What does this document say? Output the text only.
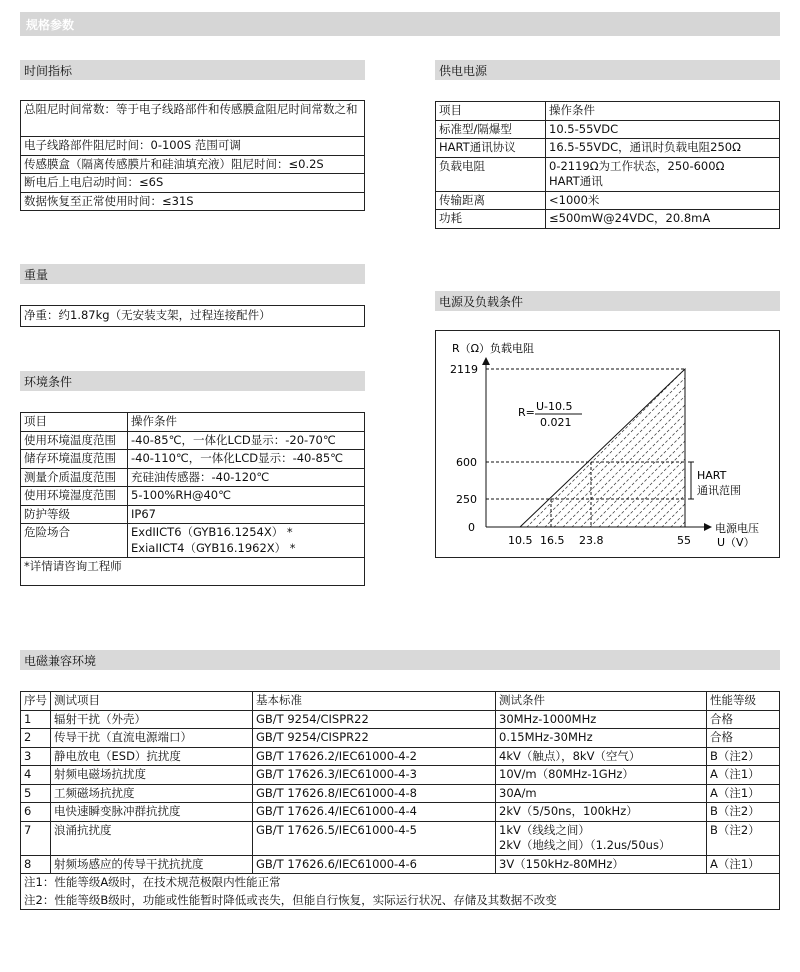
规格参数
时间指标
总阻尼时间常数：等于电子线路部件和传感膜盒阻尼时间常数之和
电子线路部件阻尼时间：0-100S 范围可调
传感膜盒（隔离传感膜片和硅油填充液）阻尼时间：≤0.2S
断电后上电启动时间：≤6S
数据恢复至正常使用时间：≤31S
重量
净重：约1.87kg（无安装支架，过程连接配件）
环境条件
项目	操作条件
使用环境温度范围	-40-85℃，一体化LCD显示：-20-70℃
储存环境温度范围	-40-110℃，一体化LCD显示：-40-85℃
测量介质温度范围	充硅油传感器：-40-120℃
使用环境湿度范围	5-100%RH@40℃
防护等级	IP67
危险场合	ExdIICT6（GYB16.1254X） *
ExiaIICT4（GYB16.1962X） *

*详情请咨询工程师	
供电电源
项目	操作条件
标准型/隔爆型	10.5-55VDC
HART通讯协议	16.5-55VDC，通讯时负载电阻250Ω
负载电阻	0-2119Ω为工作状态，250-600Ω
HART通讯

传输距离	<1000米
功耗	≤500mW@24VDC，20.8mA
电源及负载条件
R（Ω）负载电阻
2119
600
250
0
10.5 16.5 23.8	55
R= U-10.5
0.021
HART
通讯范围
电源电压
U（V）
电磁兼容环境
序号	测试项目	基本标准	测试条件	性能等级
1	辐射干扰（外壳）	GB/T 9254/CISPR22	30MHz-1000MHz	合格
2	传导干扰（直流电源端口）	GB/T 9254/CISPR22	0.15MHz-30MHz	合格
3	静电放电（ESD）抗扰度	GB/T 17626.2/IEC61000-4-2	4kV（触点），8kV（空气）	B（注2）
4	射频电磁场抗扰度	GB/T 17626.3/IEC61000-4-3	10V/m（80MHz-1GHz）	A（注1）
5	工频磁场抗扰度	GB/T 17626.8/IEC61000-4-8	30A/m	A（注1）
6	电快速瞬变脉冲群抗扰度	GB/T 17626.4/IEC61000-4-4	2kV（5/50ns，100kHz）	B（注2）
7	浪涌抗扰度	GB/T 17626.5/IEC61000-4-5	1kV（线线之间）
2kV（地线之间）（1.2us/50us）	B（注2）
8	射频场感应的传导干扰抗扰度	GB/T 17626.6/IEC61000-4-6	3V（150kHz-80MHz）	A（注1）
注1：性能等级A级时，在技术规范极限内性能正常				
注2：性能等级B级时，功能或性能暂时降低或丧失，但能自行恢复，实际运行状况、存储及其数据不改变				
